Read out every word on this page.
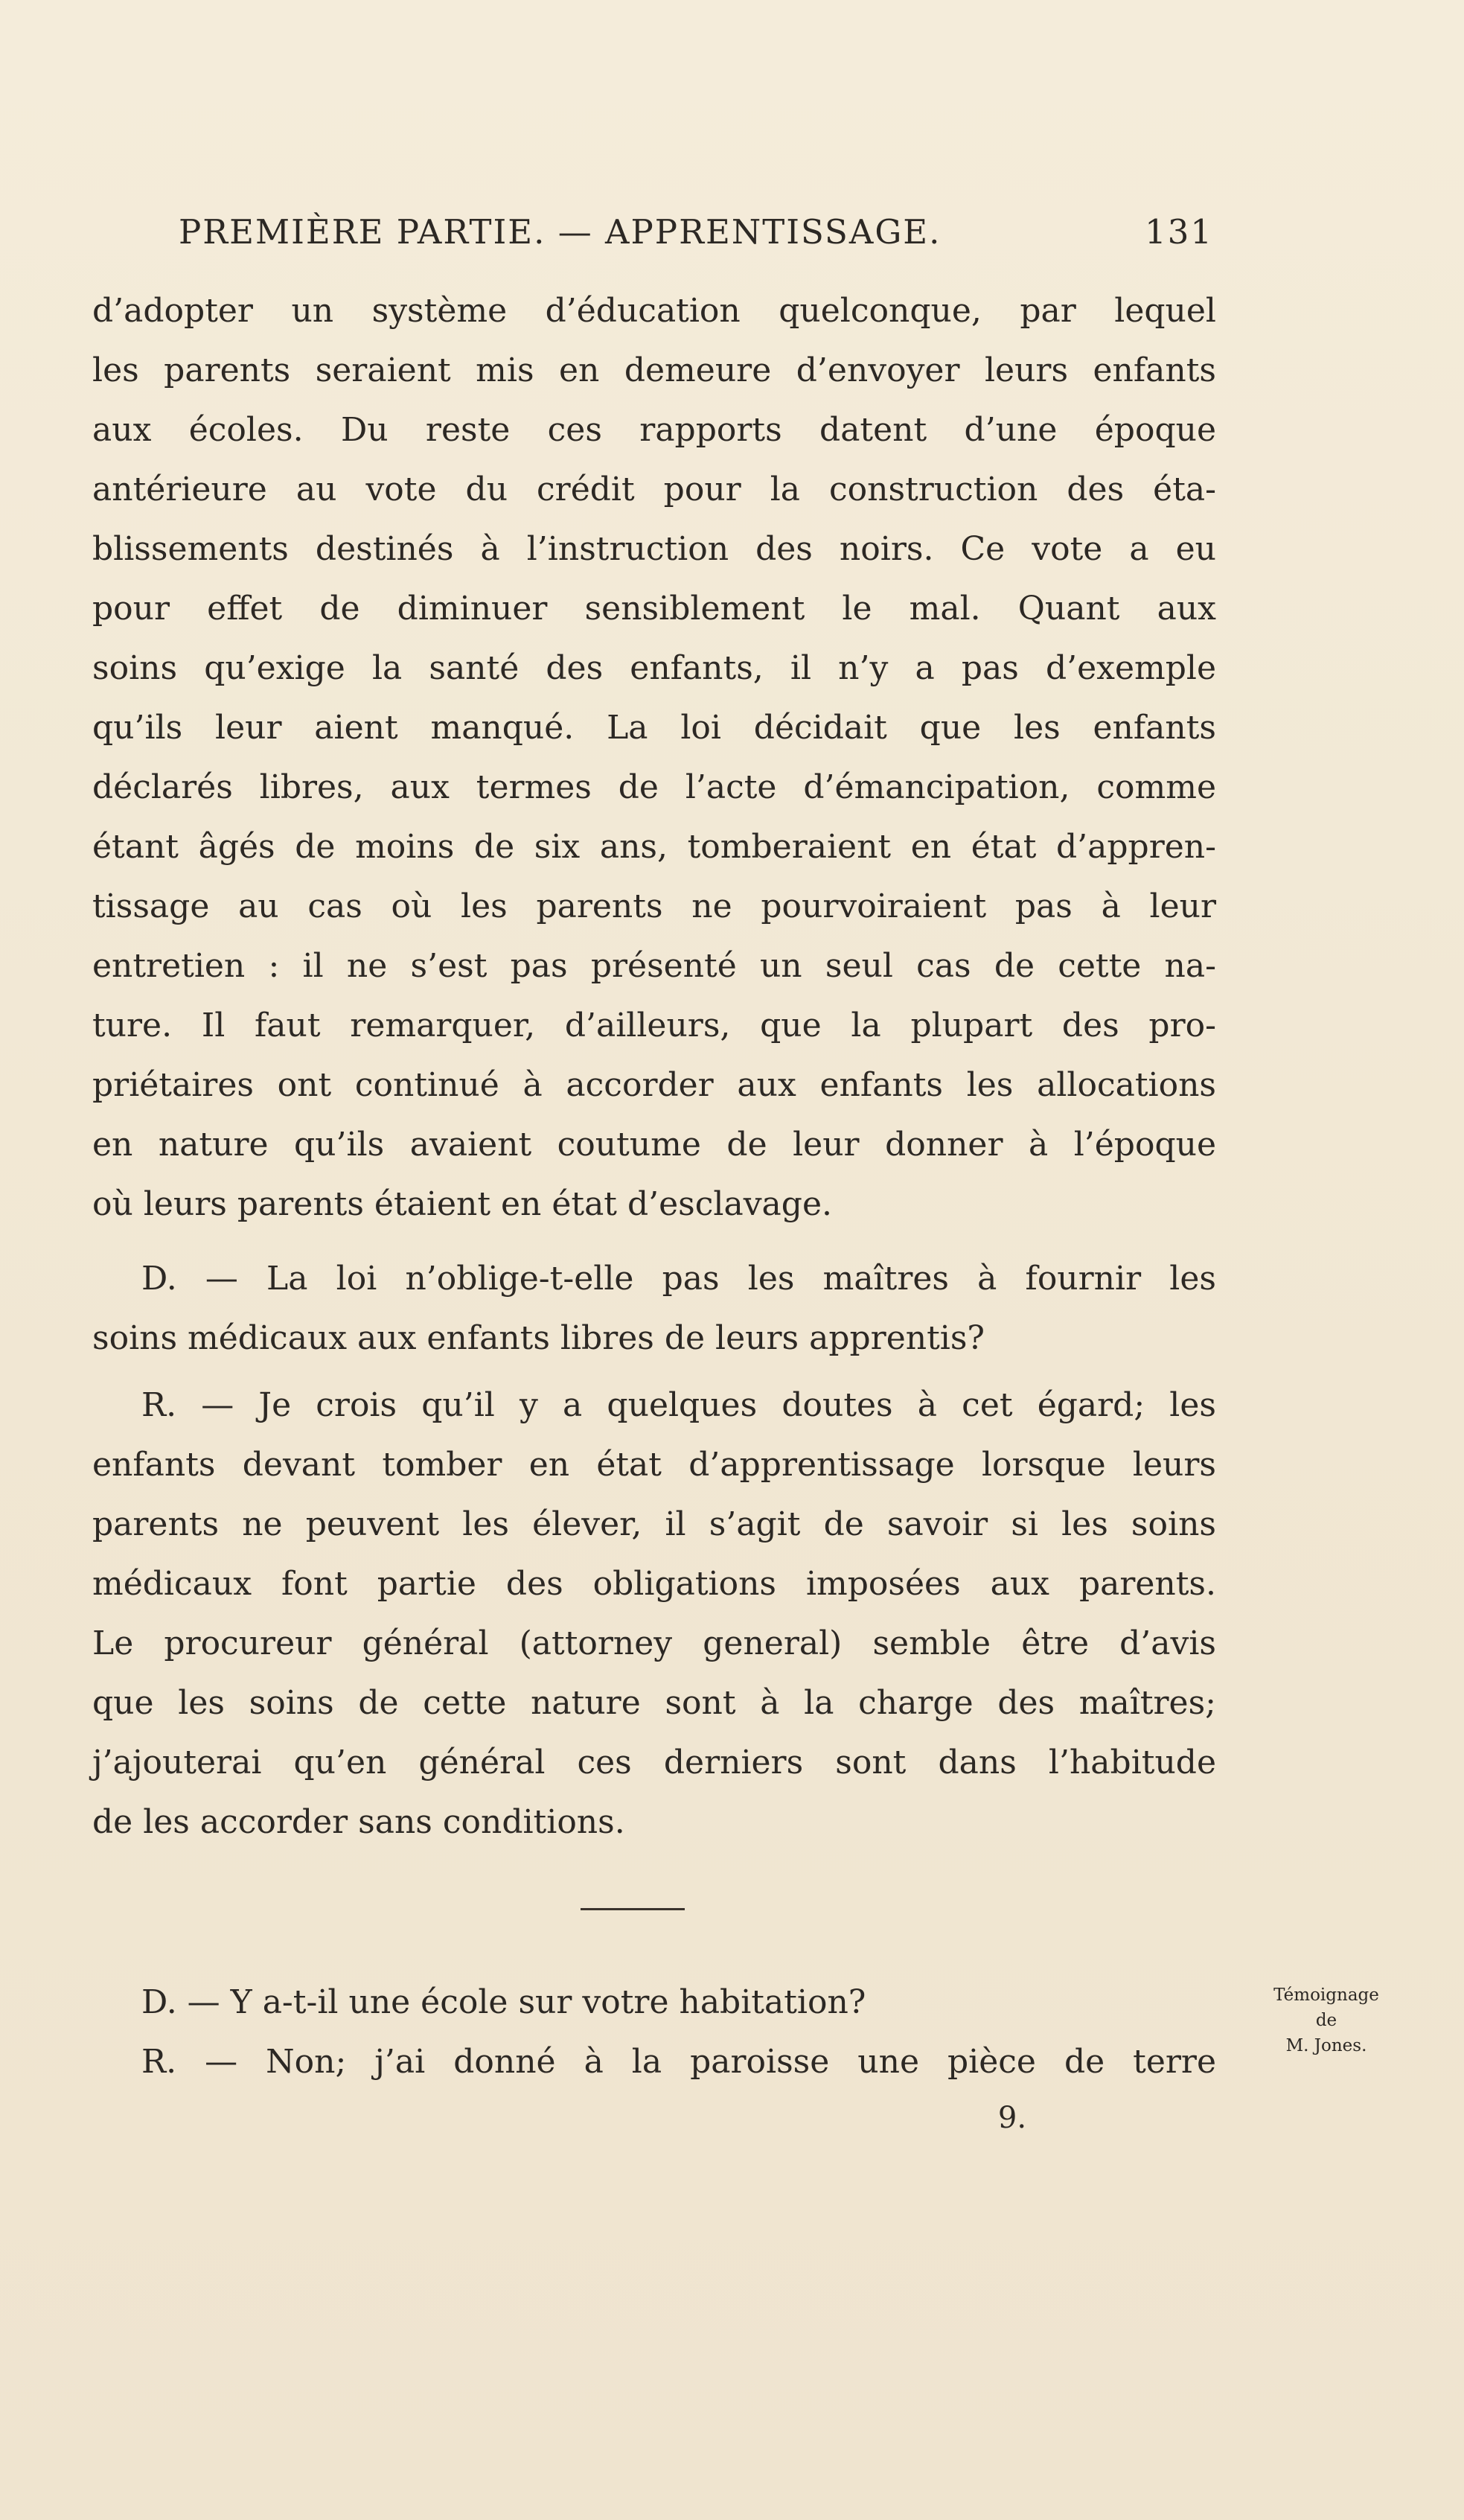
PREMIÈRE PARTIE. — APPRENTISSAGE.	131
d’adopter un système d’éducation quelconque, par lequel
les parents seraient mis en demeure d’envoyer leurs enfants
aux écoles. Du reste ces rapports datent d’une époque
antérieure au vote du crédit pour la construction des éta-
blissements destinés à l’instruction des noirs. Ce vote a eu
pour effet de diminuer sensiblement le mal. Quant aux
soins qu’exige la santé des enfants, il n’y a pas d’exemple
qu’ils leur aient manqué. La loi décidait que les enfants
déclarés libres, aux termes de l’acte d’émancipation, comme
étant âgés de moins de six ans, tomberaient en état d’appren-
tissage au cas où les parents ne pourvoiraient pas à leur
entretien : il ne s’est pas présenté un seul cas de cette na-
ture. Il faut remarquer, d’ailleurs, que la plupart des pro-
priétaires ont continué à accorder aux enfants les allocations
en nature qu’ils avaient coutume de leur donner à l’époque
où leurs parents étaient en état d’esclavage.
D. — La loi n’oblige-t-elle pas les maîtres à fournir les
soins médicaux aux enfants libres de leurs apprentis?
R. — Je crois qu’il y a quelques doutes à cet égard; les
enfants devant tomber en état d’apprentissage lorsque leurs
parents ne peuvent les élever, il s’agit de savoir si les soins
médicaux font partie des obligations imposées aux parents.
Le procureur général (attorney general) semble être d’avis
que les soins de cette nature sont à la charge des maîtres;
j’ajouterai qu’en général ces derniers sont dans l’habitude
de les accorder sans conditions.
D. — Y a-t-il une école sur votre habitation?
R. — Non; j’ai donné à la paroisse une pièce de terre
Témoignage
de
M. Jones.
9.
